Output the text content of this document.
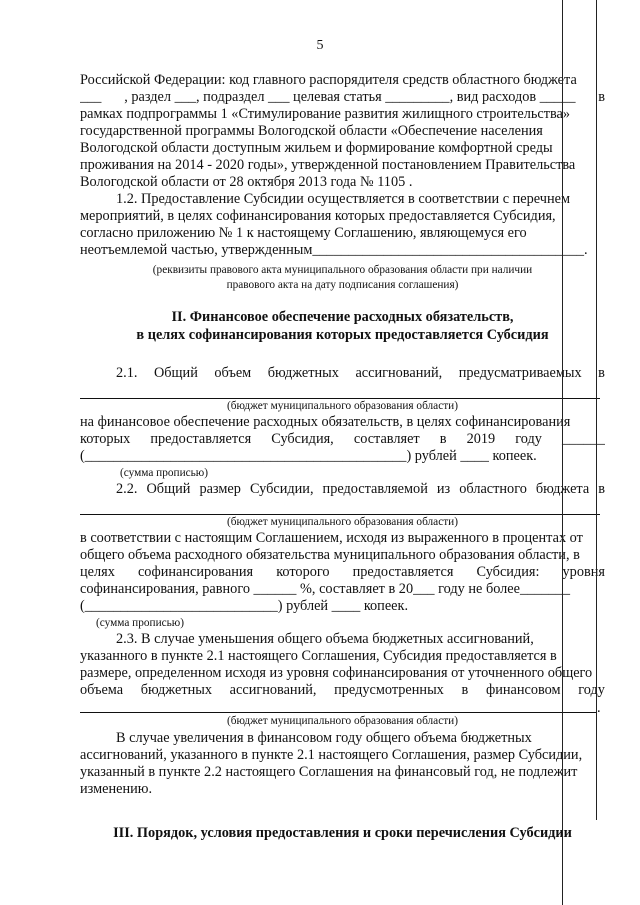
5
Российской Федерации: код главного распорядителя средств областного бюджета
___ , раздел ___, подраздел ___ целевая статья _________, вид расходов _____ в
рамках подпрограммы 1 «Стимулирование развития жилищного строительства»
государственной программы Вологодской области «Обеспечение населения
Вологодской области доступным жильем и формирование комфортной среды
проживания на 2014 - 2020 годы», утвержденной постановлением Правительства
Вологодской области от 28 октября 2013 года № 1105 .
1.2. Предоставление Субсидии осуществляется в соответствии с перечнем
мероприятий, в целях софинансирования которых предоставляется Субсидия,
согласно приложению № 1 к настоящему Соглашению, являющемуся его
неотъемлемой частью, утвержденным______________________________________.
(реквизиты правового акта муниципального образования области при наличии
правового акта на дату подписания соглашения)
II. Финансовое обеспечение расходных обязательств,
в целях софинансирования которых предоставляется Субсидия
2.1. Общий объем бюджетных ассигнований, предусматриваемых в
(бюджет муниципального образования области)
на финансовое обеспечение расходных обязательств, в целях софинансирования
которых предоставляется Субсидия, составляет в 2019 году ______
(_____________________________________________) рублей ____ копеек.
(сумма прописью)
2.2. Общий размер Субсидии, предоставляемой из областного бюджета в
(бюджет муниципального образования области)
в соответствии с настоящим Соглашением, исходя из выраженного в процентах от
общего объема расходного обязательства муниципального образования области, в
целях софинансирования которого предоставляется Субсидия: уровня
софинансирования, равного ______ %, составляет в 20___ году не более_______
(___________________________) рублей ____ копеек.
(сумма прописью)
2.3. В случае уменьшения общего объема бюджетных ассигнований,
указанного в пункте 2.1 настоящего Соглашения, Субсидия предоставляется в
размере, определенном исходя из уровня софинансирования от уточненного общего
объема бюджетных ассигнований, предусмотренных в финансовом году
.
(бюджет муниципального образования области)
В случае увеличения в финансовом году общего объема бюджетных
ассигнований, указанного в пункте 2.1 настоящего Соглашения, размер Субсидии,
указанный в пункте 2.2 настоящего Соглашения на финансовый год, не подлежит
изменению.
III. Порядок, условия предоставления и сроки перечисления Субсидии
